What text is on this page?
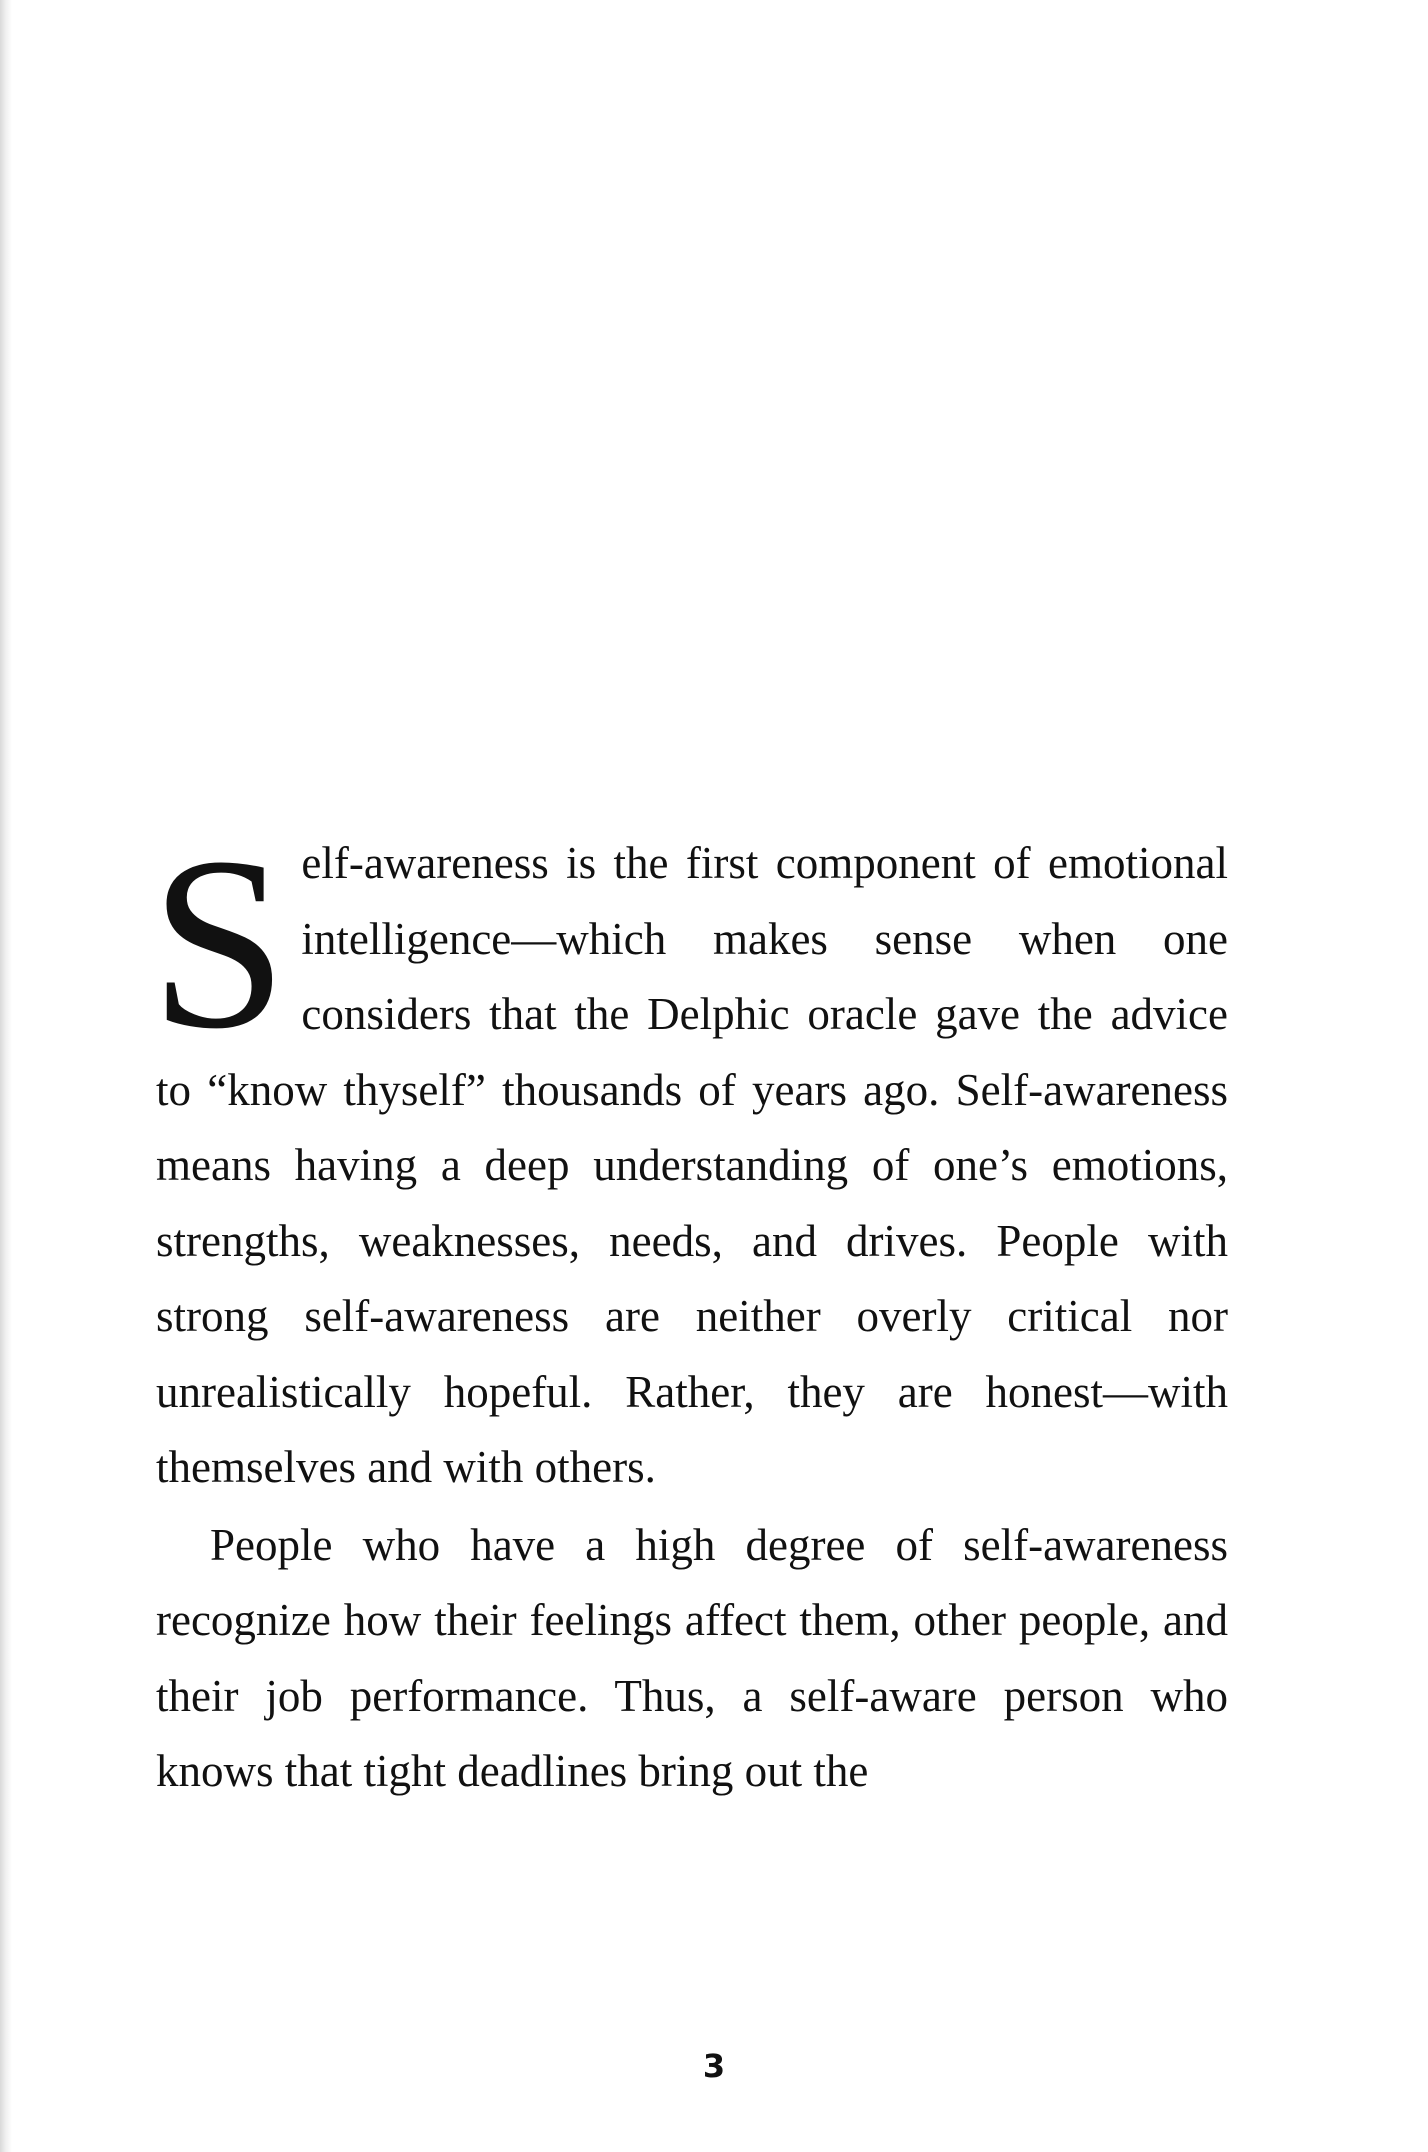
Self-awareness is the first component of emotional intelligence—which makes sense when one considers that the Delphic oracle gave the advice to “know thyself” thousands of years ago. Self-awareness means having a deep understanding of one’s emotions, strengths, weaknesses, needs, and drives. People with strong self-awareness are neither overly critical nor unrealistically hopeful. Rather, they are honest—with themselves and with others.

People who have a high degree of self-awareness recognize how their feelings affect them, other people, and their job performance. Thus, a self-aware person who knows that tight deadlines bring out the

3
